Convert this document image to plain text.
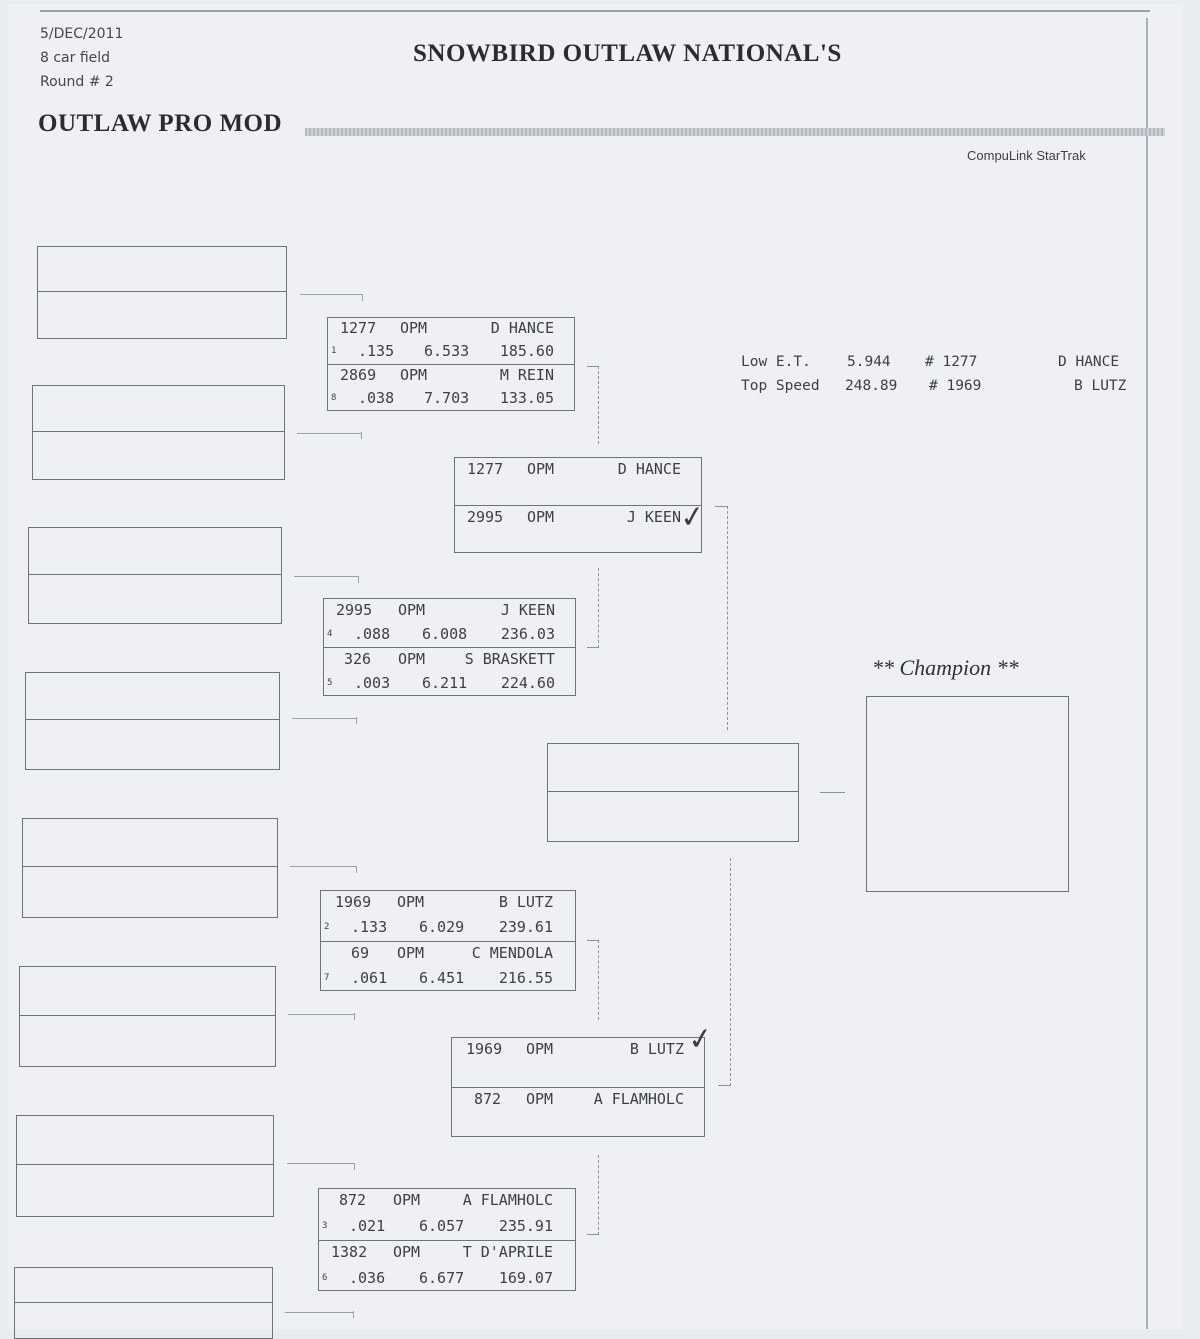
5/DEC/2011
8 car field
Round # 2
SNOWBIRD OUTLAW NATIONAL'S
OUTLAW PRO MOD
CompuLink StarTrak
1277 OPM	D HANCE
1 .135 6.533 185.60
2869 OPM	M REIN
8 .038 7.703 133.05
2995 OPM	J KEEN
4 .088 6.008 236.03
326 OPM	S BRASKETT
5 .003 6.211 224.60
1969 OPM	B LUTZ
2 .133 6.029 239.61
69 OPM	C MENDOLA
7 .061 6.451 216.55
872 OPM	A FLAMHOLC
3 .021 6.057 235.91
1382 OPM	T D'APRILE
6 .036 6.677 169.07
1277 OPM	D HANCE
2995 OPM	J KEEN
✓
1969 OPM	B LUTZ
872 OPM	A FLAMHOLC
✓
** Champion **
Low E.T. 5.944 # 1277	D HANCE
Top Speed 248.89 # 1969	B LUTZ
